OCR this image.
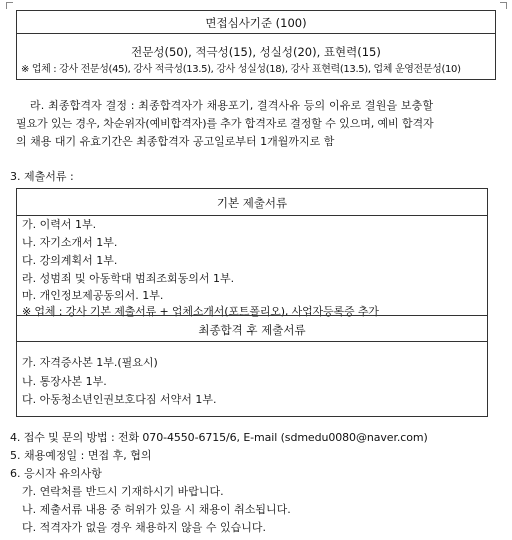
면접심사기준 (100)
전문성(50), 적극성(15), 성실성(20), 표현력(15)
※ 업체 : 강사 전문성(45), 강사 적극성(13.5), 강사 성실성(18), 강사 표현력(13.5), 업체 운영전문성(10)
라. 최종합격자 결정 : 최종합격자가 채용포기, 결격사유 등의 이유로 결원을 보충할
필요가 있는 경우, 차순위자(예비합격자)를 추가 합격자로 결정할 수 있으며, 예비 합격자
의 채용 대기 유효기간은 최종합격자 공고일로부터 1개월까지로 함
3. 제출서류 :
기본 제출서류
가. 이력서 1부.
나. 자기소개서 1부.
다. 강의계획서 1부.
라. 성범죄 및 아동학대 범죄조회동의서 1부.
마. 개인정보제공동의서. 1부.
※ 업체 : 강사 기본 제출서류 + 업체소개서(포트폴리오), 사업자등록증 추가
최종합격 후 제출서류
가. 자격증사본 1부.(필요시)
나. 통장사본 1부.
다. 아동청소년인권보호다짐 서약서 1부.
4. 접수 및 문의 방법 : 전화 070-4550-6715/6, E-mail (sdmedu0080@naver.com)
5. 채용예정일 : 면접 후, 협의
6. 응시자 유의사항
가. 연락처를 반드시 기재하시기 바랍니다.
나. 제출서류 내용 중 허위가 있을 시 채용이 취소됩니다.
다. 적격자가 없을 경우 채용하지 않을 수 있습니다.
